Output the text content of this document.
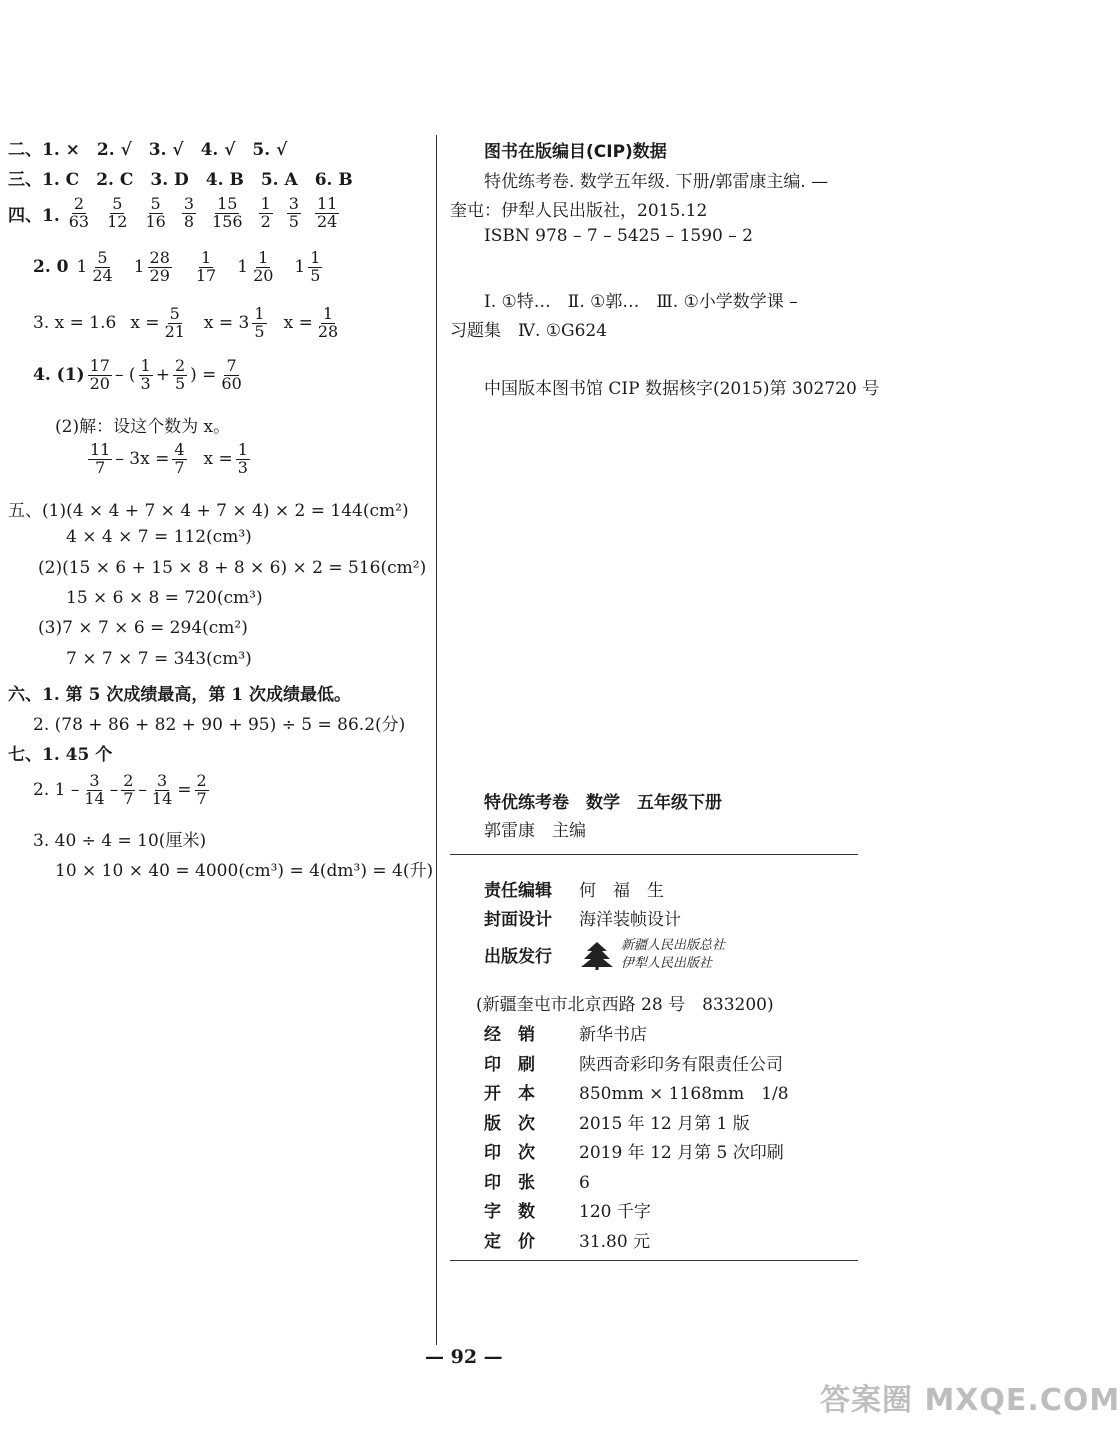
二、1. ×　2. √　3. √　4. √　5. √
三、1. C　2. C　3. D　4. B　5. A　6. B
四、1. $\frac{2}{63} \frac{5}{12} \frac{5}{16} \frac{3}{8} \frac{15}{156} \frac{1}{2} \frac{3}{5} \frac{11}{24}$
2. 0 $1 \frac{5}{24} 1 \frac{28}{29} \frac{1}{17} 1 \frac{1}{20} 1 \frac{1}{5}$
3. x = 1.6 $x = \frac{5}{21}$ $x = 3 \frac{1}{5}$ $x = \frac{1}{28}$
4. $(1) \frac{17}{20}$ – ( $\frac{1}{3} + \frac{2}{5}$ ) = $\frac{7}{60}$
(2)解：设这个数为 x。
$\frac{11}{7} - 3x = \frac{4}{7}$ $x = \frac{1}{3}$
五、(1)(4 × 4 + 7 × 4 + 7 × 4) × 2 = 144(cm²)
4 × 4 × 7 = 112(cm³)
(2)(15 × 6 + 15 × 8 + 8 × 6) × 2 = 516(cm²)
15 × 6 × 8 = 720(cm³)
(3)7 × 7 × 6 = 294(cm²)
7 × 7 × 7 = 343(cm³)
六、1. 第 5 次成绩最高，第 1 次成绩最低。
2. (78 + 86 + 82 + 90 + 95) ÷ 5 = 86.2(分)
七、1. 45 个
2. $1 - \frac{3}{14} - \frac{2}{7} - \frac{3}{14} = \frac{2}{7}$
3. 40 ÷ 4 = 10(厘米)
10 × 10 × 40 = 4000(cm³) = 4(dm³) = 4(升)
图书在版编目(CIP)数据
特优练考卷. 数学五年级. 下册/郭雷康主编. —
奎屯：伊犁人民出版社，2015.12
ISBN 978 – 7 – 5425 – 1590 – 2
Ⅰ. ①特…　Ⅱ. ①郭…　Ⅲ. ①小学数学课 –
习题集　Ⅳ. ①G624
中国版本图书馆 CIP 数据核字(2015)第 302720 号
特优练考卷　数学　五年级下册
郭雷康　主编
责任编辑 何　福　生
封面设计 海洋装帧设计
出版发行
新疆人民出版总社
伊犁人民出版社
(新疆奎屯市北京西路 28 号　833200)
经　销	新华书店
印　刷	陕西奇彩印务有限责任公司
开　本	850mm × 1168mm　1/8
版　次	2015 年 12 月第 1 版
印　次	2019 年 12 月第 5 次印刷
印　张	6
字　数	120 千字
定　价	31.80 元
— 92 —
答案圈 MXQE.COM
